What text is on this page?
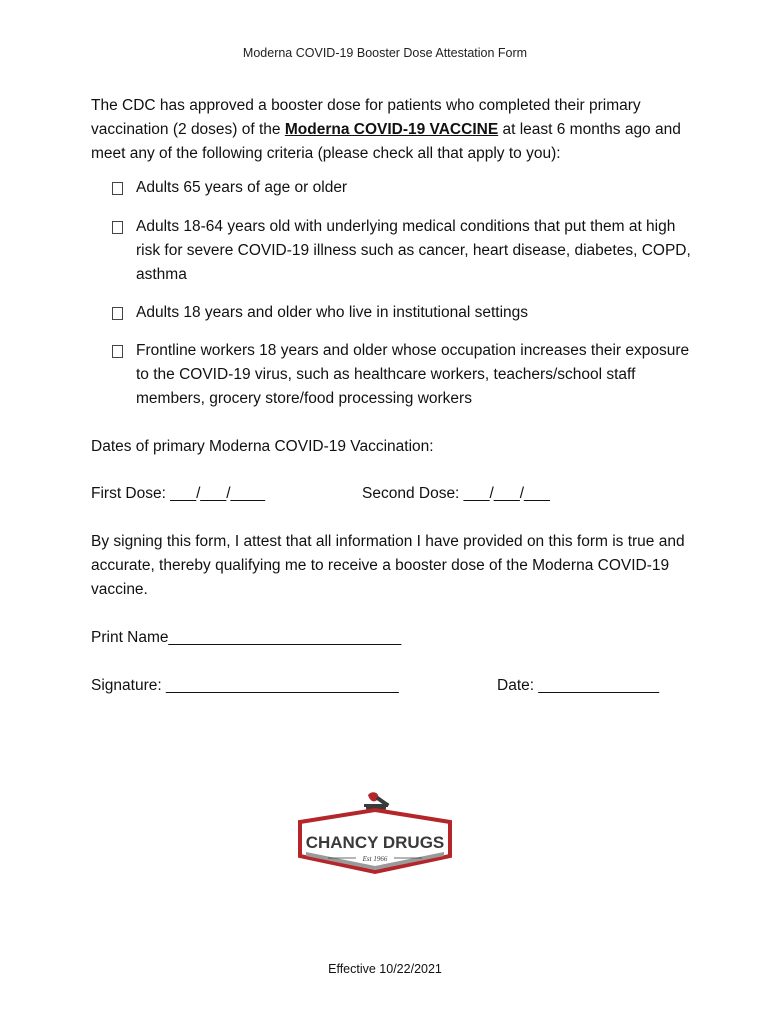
Moderna COVID-19 Booster Dose Attestation Form
The CDC has approved a booster dose for patients who completed their primary vaccination (2 doses) of the Moderna COVID-19 VACCINE at least 6 months ago and meet any of the following criteria (please check all that apply to you):
Adults 65 years of age or older
Adults 18-64 years old with underlying medical conditions that put them at high risk for severe COVID-19 illness such as cancer, heart disease, diabetes, COPD, asthma
Adults 18 years and older who live in institutional settings
Frontline workers 18 years and older whose occupation increases their exposure to the COVID-19 virus, such as healthcare workers, teachers/school staff members, grocery store/food processing workers
Dates of primary Moderna COVID-19 Vaccination:
First Dose: ___/___/____	Second Dose: ___/___/___
By signing this form, I attest that all information I have provided on this form is true and accurate, thereby qualifying me to receive a booster dose of the Moderna COVID-19 vaccine.
Print Name___________________________
Signature: ___________________________	Date: ______________
CHANCY DRUGS
Est 1966
Effective 10/22/2021
